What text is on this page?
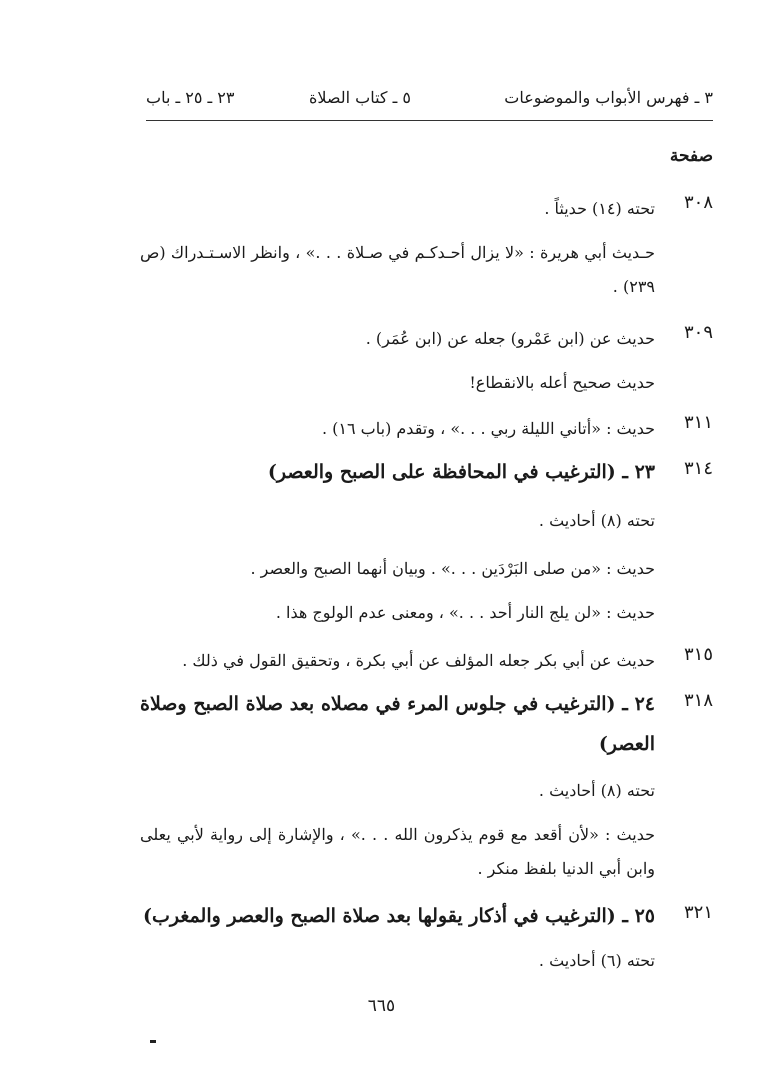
٣ ـ فهرس الأبواب والموضوعات
٥ ـ كتاب الصلاة
٢٣ ـ ٢٥ ـ باب
صفحة
٣٠٨
تحته (١٤) حديثاً .
حـديث أبي هريرة : «لا يزال أحـدكـم في صـلاة . . .» ، وانظر الاسـتـدراك (ص ٢٣٩) .
٣٠٩
حديث عن (ابن عَمْرو) جعله عن (ابن عُمَر) .
حديث صحيح أعله بالانقطاع!
٣١١
حديث : «أتاني الليلة ربي . . .» ، وتقدم (باب ١٦) .
٣١٤
٢٣ ـ (الترغيب في المحافظة على الصبح والعصر)
تحته (٨) أحاديث .
حديث : «من صلى البَرْدَين . . .» . وبيان أنهما الصبح والعصر .
حديث : «لن يلج النار أحد . . .» ، ومعنى عدم الولوج هذا .
٣١٥
حديث عن أبي بكر جعله المؤلف عن أبي بكرة ، وتحقيق القول في ذلك .
٣١٨
٢٤ ـ (الترغيب في جلوس المرء في مصلاه بعد صلاة الصبح وصلاة العصر)
تحته (٨) أحاديث .
حديث : «لأن أقعد مع قوم يذكرون الله . . .» ، والإشارة إلى رواية لأبي يعلى وابن أبي الدنيا بلفظ منكر .
٣٢١
٢٥ ـ (الترغيب في أذكار يقولها بعد صلاة الصبح والعصر والمغرب)
تحته (٦) أحاديث .
٦٦٥
